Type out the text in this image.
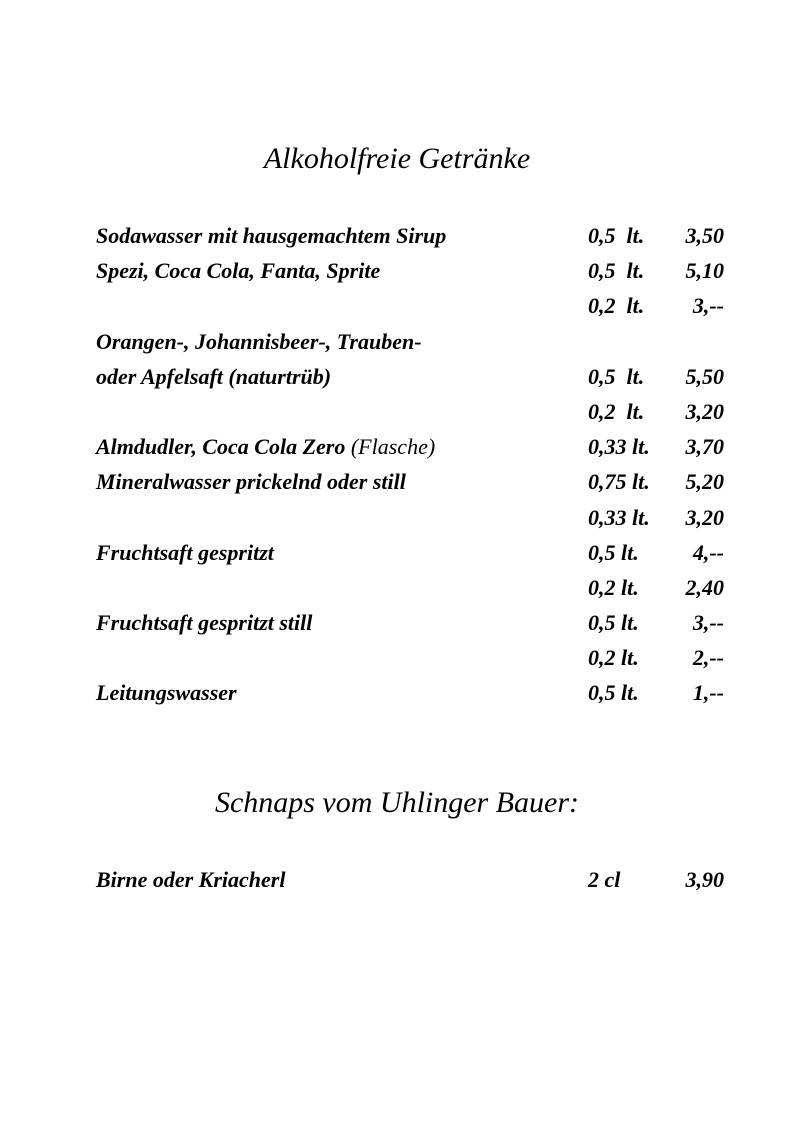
Alkoholfreie Getränke
Sodawasser mit hausgemachtem Sirup	0,5  lt. 3,50
Spezi, Coca Cola, Fanta, Sprite	0,5  lt. 5,10
0,2  lt. 3,--
Orangen-, Johannisbeer-, Trauben-
oder Apfelsaft (naturtrüb)	0,5  lt. 5,50
0,2  lt. 3,20
Almdudler, Coca Cola Zero (Flasche)	0,33 lt. 3,70
Mineralwasser prickelnd oder still	0,75 lt. 5,20
0,33 lt. 3,20
Fruchtsaft gespritzt	0,5 lt. 4,--
0,2 lt. 2,40
Fruchtsaft gespritzt still	0,5 lt. 3,--
0,2 lt. 2,--
Leitungswasser	0,5 lt. 1,--
Schnaps vom Uhlinger Bauer:
Birne oder Kriacherl	2 cl	3,90
